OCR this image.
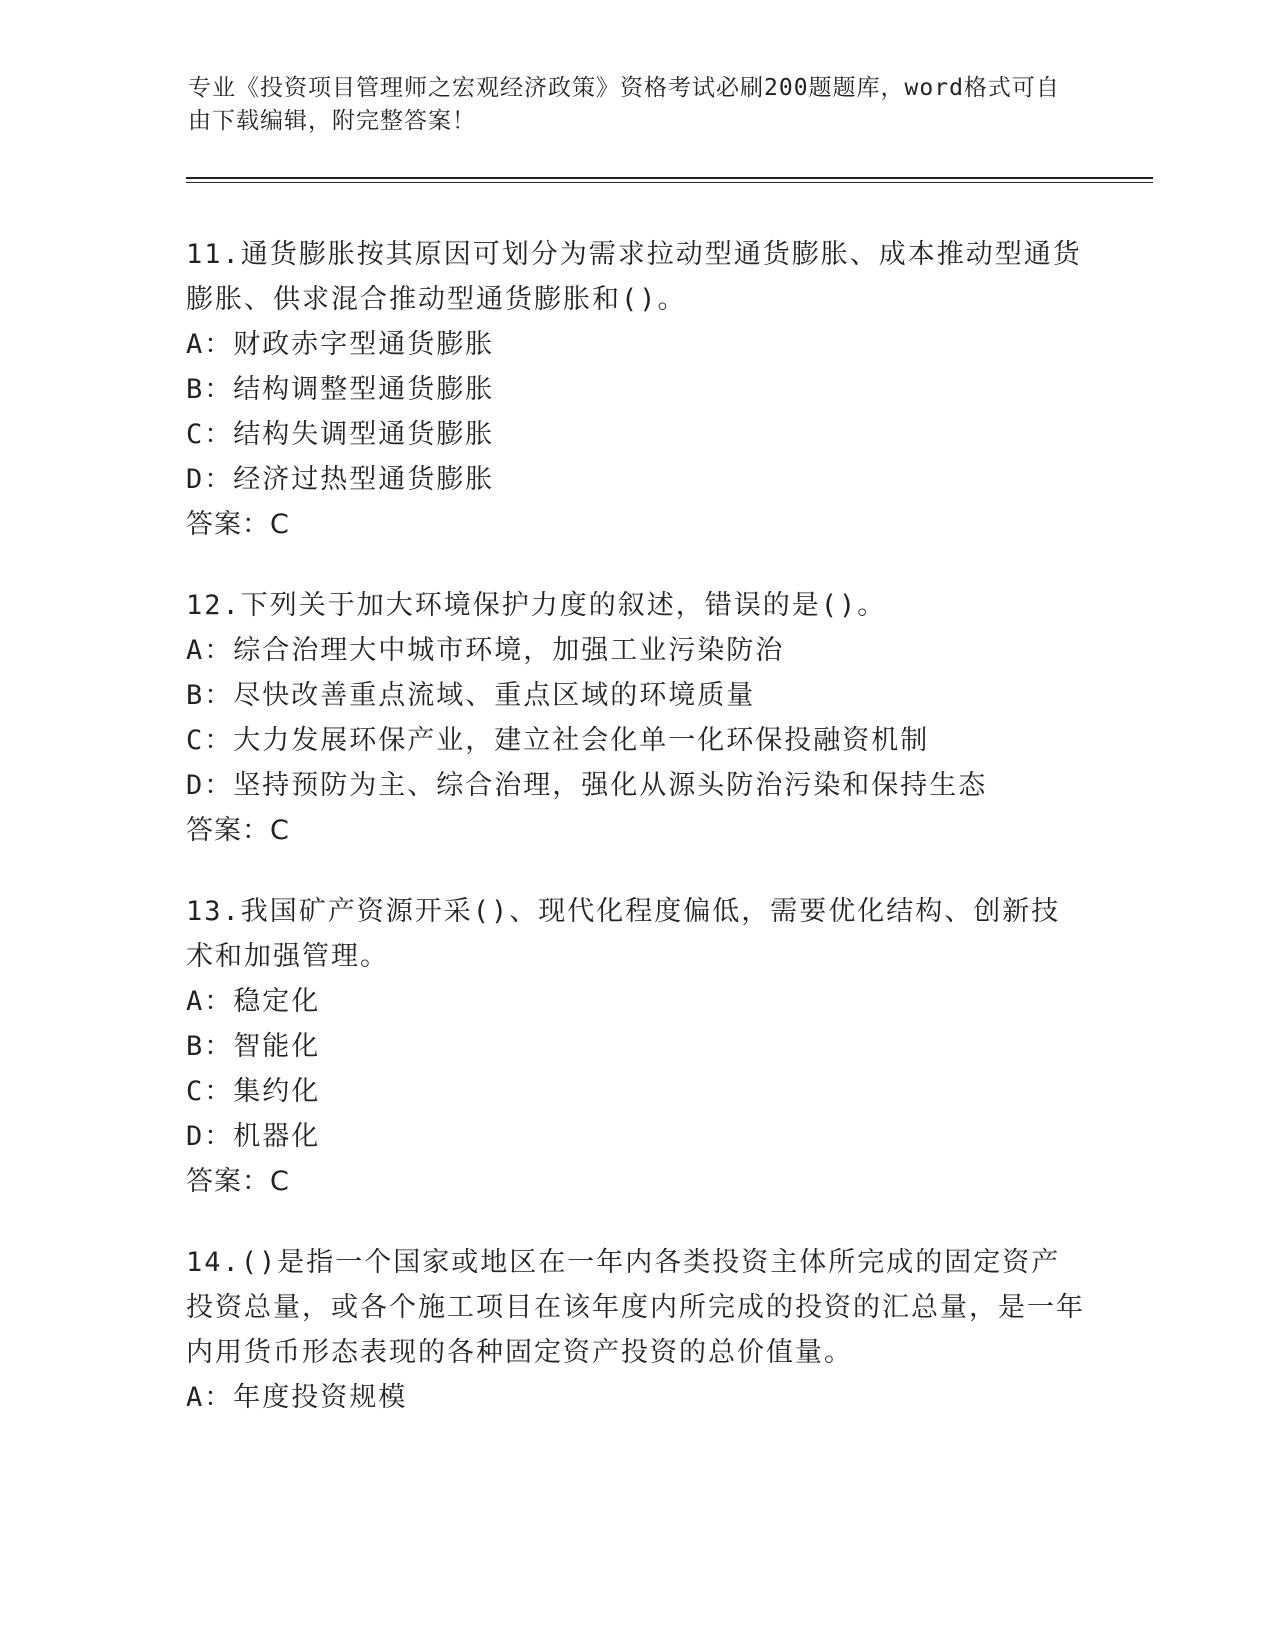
专业《投资项目管理师之宏观经济政策》资格考试必刷200题题库，word格式可自由下载编辑，附完整答案！
11.通货膨胀按其原因可划分为需求拉动型通货膨胀、成本推动型通货膨胀、供求混合推动型通货膨胀和()。
A：财政赤字型通货膨胀
B：结构调整型通货膨胀
C：结构失调型通货膨胀
D：经济过热型通货膨胀
答案：C
12.下列关于加大环境保护力度的叙述，错误的是()。
A：综合治理大中城市环境，加强工业污染防治
B：尽快改善重点流域、重点区域的环境质量
C：大力发展环保产业，建立社会化单一化环保投融资机制
D：坚持预防为主、综合治理，强化从源头防治污染和保持生态
答案：C
13.我国矿产资源开采()、现代化程度偏低，需要优化结构、创新技术和加强管理。
A：稳定化
B：智能化
C：集约化
D：机器化
答案：C
14.()是指一个国家或地区在一年内各类投资主体所完成的固定资产投资总量，或各个施工项目在该年度内所完成的投资的汇总量，是一年内用货币形态表现的各种固定资产投资的总价值量。
A：年度投资规模
